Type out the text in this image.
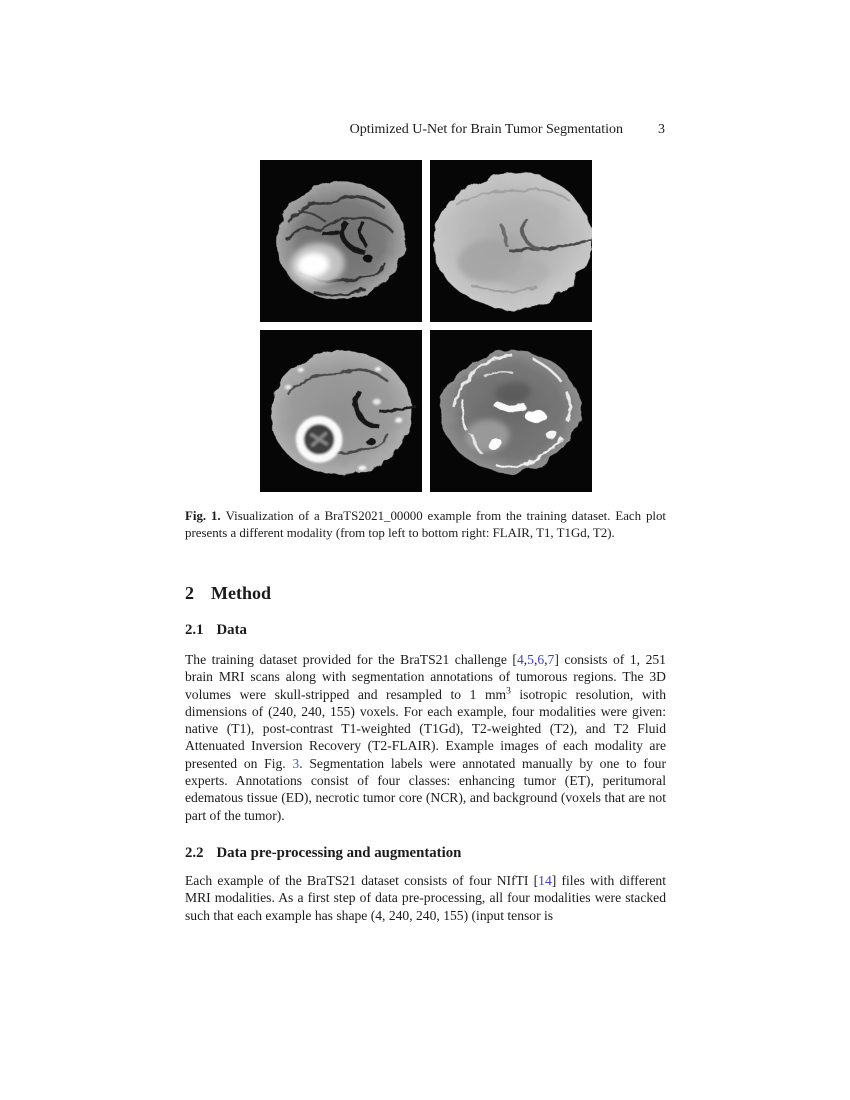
Optimized U-Net for Brain Tumor Segmentation	3
Fig. 1. Visualization of a BraTS2021_00000 example from the training dataset. Each plot presents a different modality (from top left to bottom right: FLAIR, T1, T1Gd, T2).
2 Method
2.1 Data

The training dataset provided for the BraTS21 challenge [4,5,6,7] consists of 1, 251 brain MRI scans along with segmentation annotations of tumorous regions. The 3D volumes were skull-stripped and resampled to 1 $mm^3$ isotropic resolution, with dimensions of (240, 240, 155) voxels. For each example, four modalities were given: native (T1), post-contrast T1-weighted (T1Gd), T2-weighted (T2), and T2 Fluid Attenuated Inversion Recovery (T2-FLAIR). Example images of each modality are presented on Fig. 3. Segmentation labels were annotated manually by one to four experts. Annotations consist of four classes: enhancing tumor (ET), peritumoral edematous tissue (ED), necrotic tumor core (NCR), and background (voxels that are not part of the tumor).

2.2 Data pre-processing and augmentation

Each example of the BraTS21 dataset consists of four NIfTI [14] files with different MRI modalities. As a first step of data pre-processing, all four modalities were stacked such that each example has shape (4, 240, 240, 155) (input tensor is
